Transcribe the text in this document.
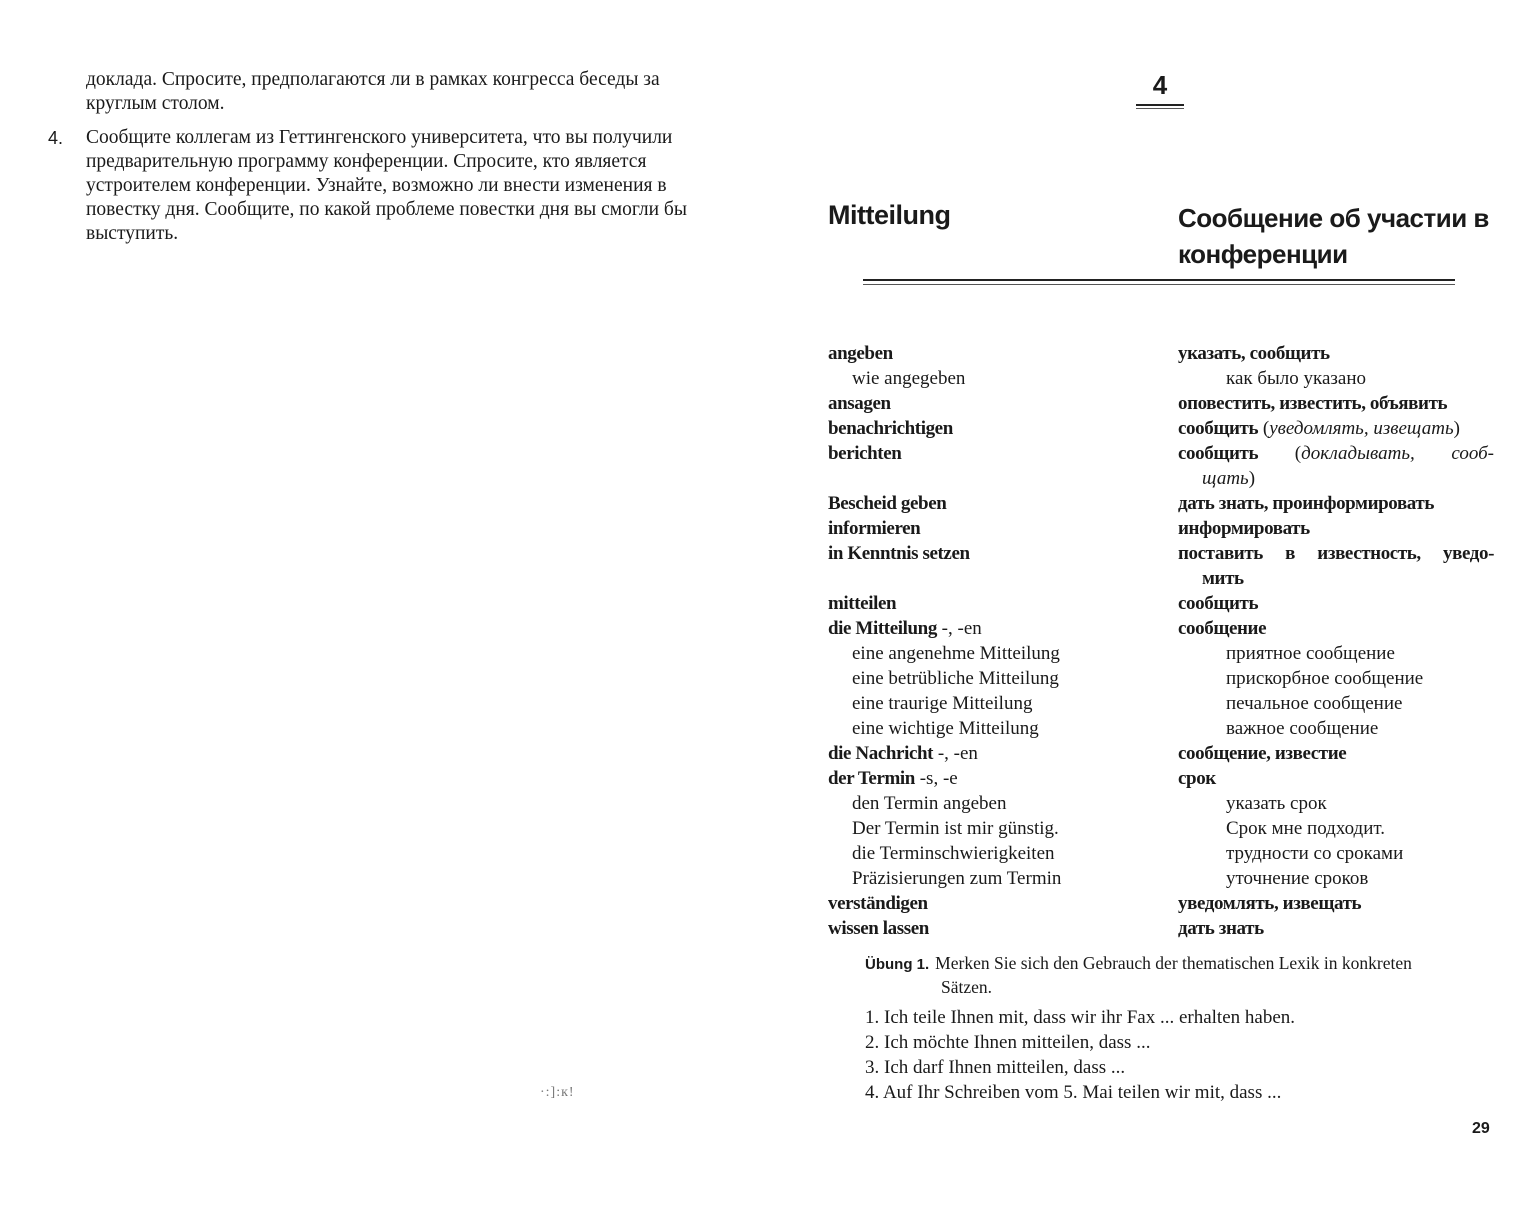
доклада. Спросите, предполагаются ли в рамках конгресса беседы за круглым столом.

4. Сообщите коллегам из Геттингенского университета, что вы получили предварительную программу конференции. Спросите, кто является устроителем конференции. Узнайте, возможно ли внести изменения в повестку дня. Сообщите, по какой проблеме повестки дня вы смогли бы выступить.
·:]:к!
4
Mitteilung	Сообщение об участии в конференции
angeben	указать, сообщить
wie angegeben	как было указано
ansagen	оповестить, известить, объявить
benachrichtigen	сообщить (уведомлять, извещать)
berichten	сообщить (докладывать, сооб-
щать)
Bescheid geben	дать знать, проинформировать
informieren	информировать
in Kenntnis setzen	поставить в известность, уведо-
мить
mitteilen	сообщить
die Mitteilung -, -en	сообщение
eine angenehme Mitteilung	приятное сообщение
eine betrübliche Mitteilung	прискорбное сообщение
eine traurige Mitteilung	печальное сообщение
eine wichtige Mitteilung	важное сообщение
die Nachricht -, -en	сообщение, известие
der Termin -s, -e	срок
den Termin angeben	указать срок
Der Termin ist mir günstig.	Срок мне подходит.
die Terminschwierigkeiten	трудности со сроками
Präzisierungen zum Termin	уточнение сроков
verständigen	уведомлять, извещать
wissen lassen	дать знать
Übung 1. Merken Sie sich den Gebrauch der thematischen Lexik in konkreten
Sätzen.
1. Ich teile Ihnen mit, dass wir ihr Fax ... erhalten haben.
2. Ich möchte Ihnen mitteilen, dass ...
3. Ich darf Ihnen mitteilen, dass ...
4. Auf Ihr Schreiben vom 5. Mai teilen wir mit, dass ...
29
